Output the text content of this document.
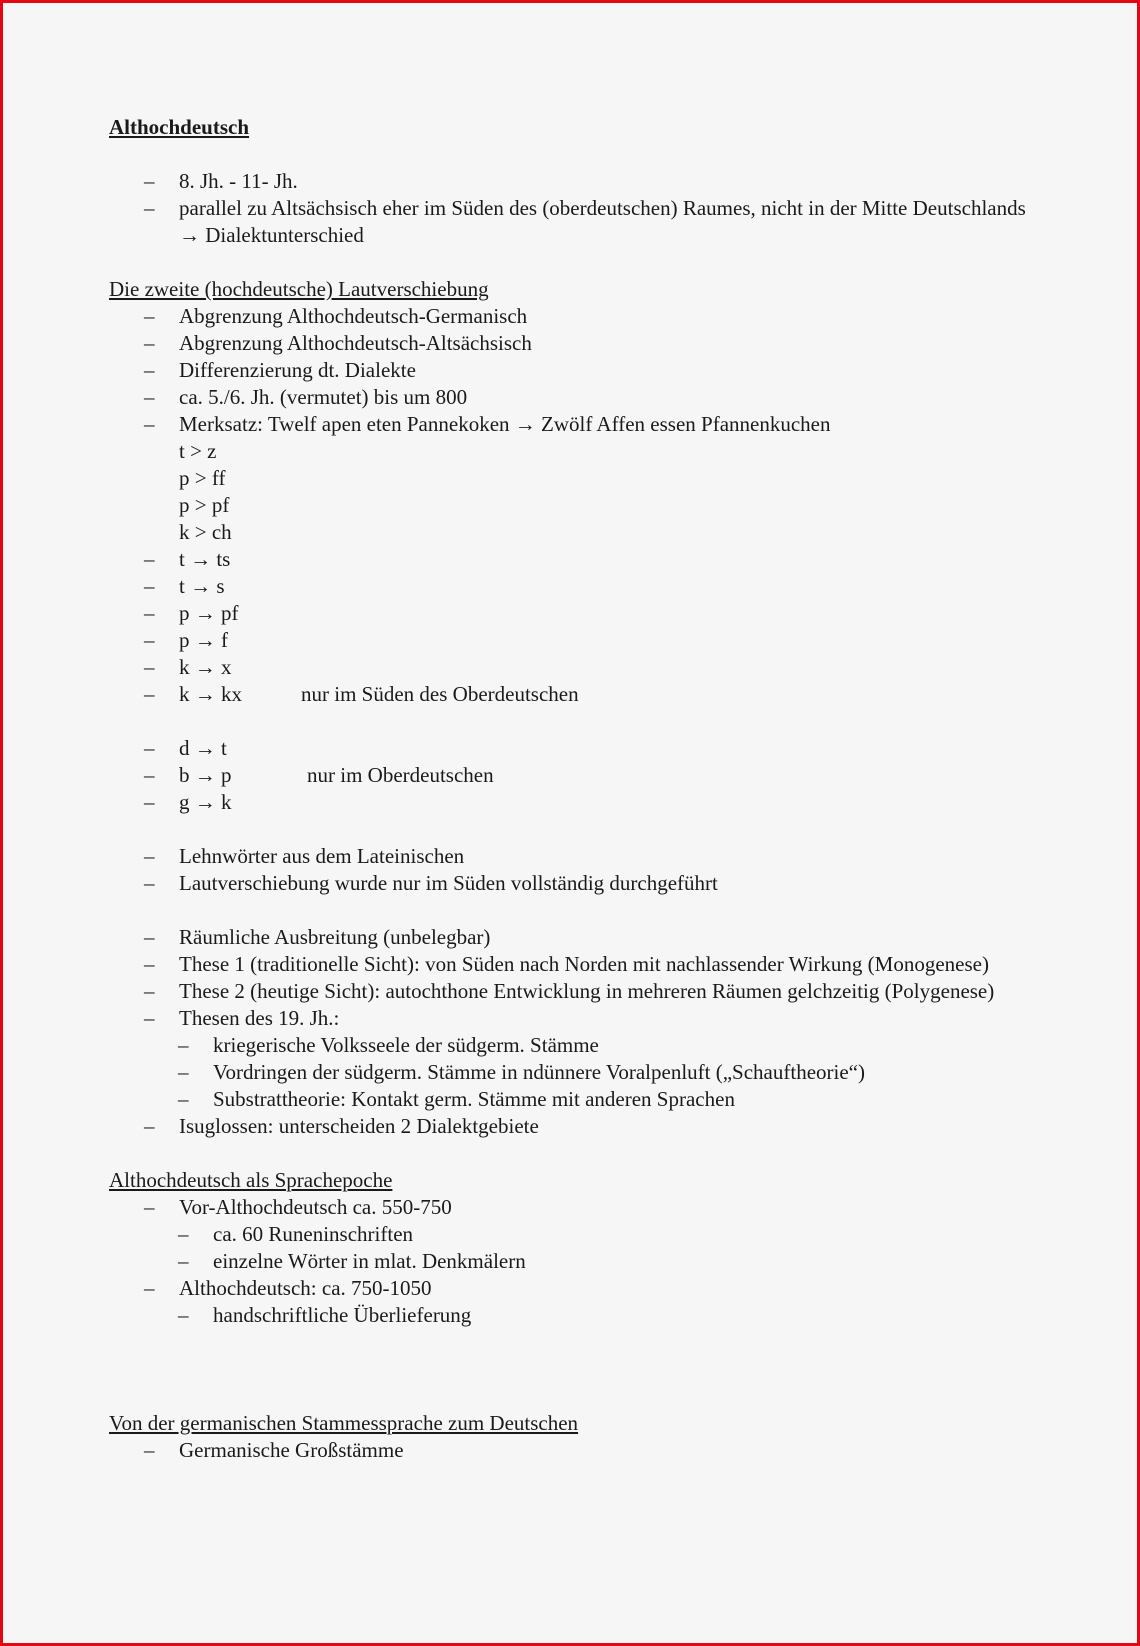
Althochdeutsch
– 8. Jh. - 11- Jh.
– parallel zu Altsächsisch eher im Süden des (oberdeutschen) Raumes, nicht in der Mitte Deutschlands → Dialektunterschied
Die zweite (hochdeutsche) Lautverschiebung
– Abgrenzung Althochdeutsch-Germanisch
– Abgrenzung Althochdeutsch-Altsächsisch
– Differenzierung dt. Dialekte
– ca. 5./6. Jh. (vermutet) bis um 800
– Merksatz: Twelf apen eten Pannekoken → Zwölf Affen essen Pfannenkuchen
t > z
p > ff
p > pf
k > ch
– t → ts
– t → s
– p → pf
– p → f
– k → x
– k → kx	nur im Süden des Oberdeutschen
– d → t
– b → p	nur im Oberdeutschen
– g → k
– Lehnwörter aus dem Lateinischen
– Lautverschiebung wurde nur im Süden vollständig durchgeführt
– Räumliche Ausbreitung (unbelegbar)
– These 1 (traditionelle Sicht): von Süden nach Norden mit nachlassender Wirkung (Monogenese)
– These 2 (heutige Sicht): autochthone Entwicklung in mehreren Räumen gelchzeitig (Polygenese)
– Thesen des 19. Jh.:
– kriegerische Volksseele der südgerm. Stämme
– Vordringen der südgerm. Stämme in ndünnere Voralpenluft („Schauftheorie“)
– Substrattheorie: Kontakt germ. Stämme mit anderen Sprachen
– Isuglossen: unterscheiden 2 Dialektgebiete
Althochdeutsch als Sprachepoche
– Vor-Althochdeutsch ca. 550-750
– ca. 60 Runeninschriften
– einzelne Wörter in mlat. Denkmälern
– Althochdeutsch: ca. 750-1050
– handschriftliche Überlieferung
Von der germanischen Stammessprache zum Deutschen
– Germanische Großstämme
